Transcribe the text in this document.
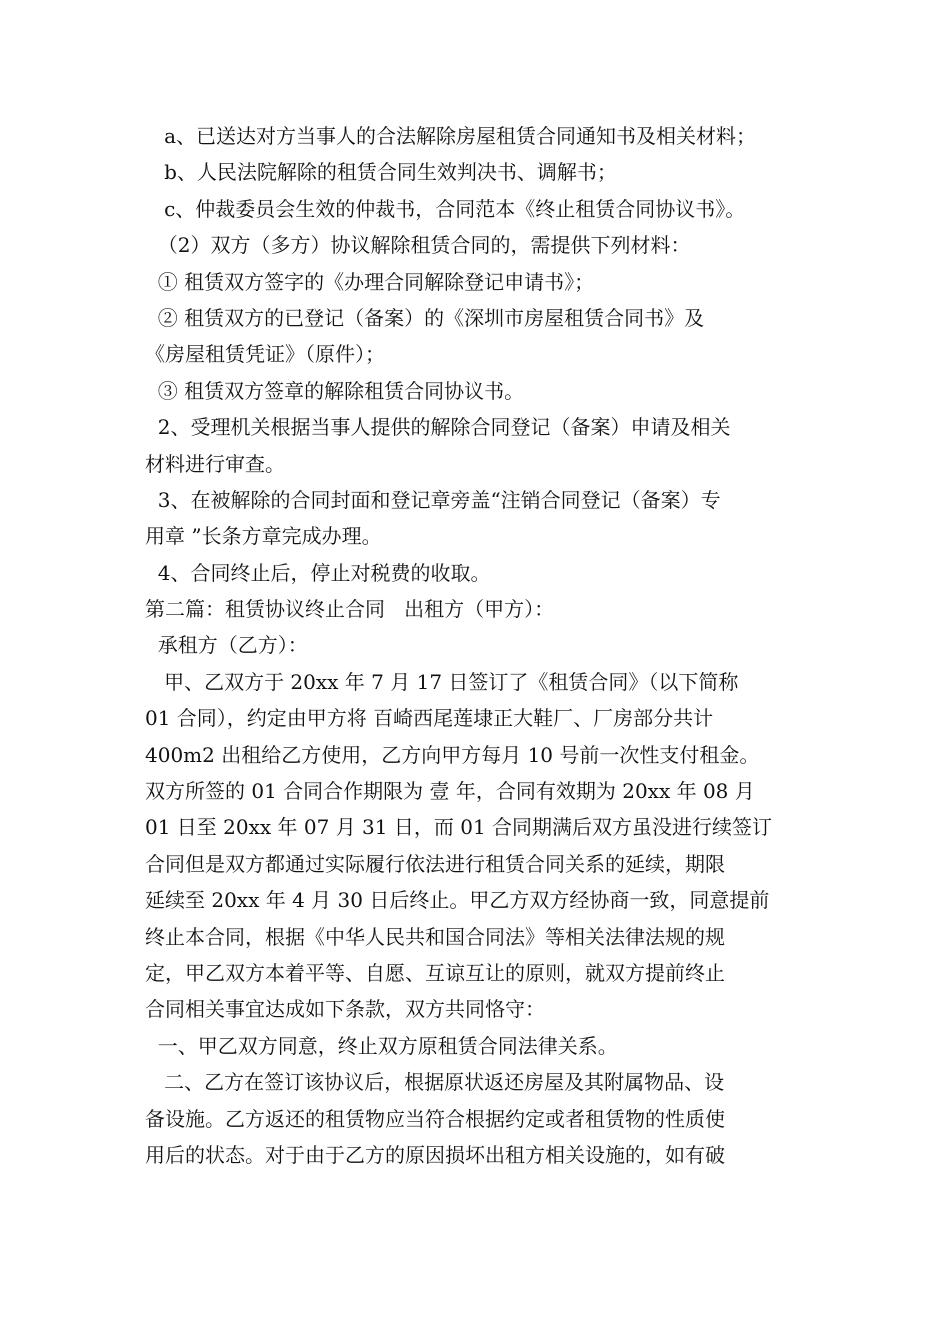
a、已送达对方当事人的合法解除房屋租赁合同通知书及相关材料；
b、人民法院解除的租赁合同生效判决书、调解书；
c、仲裁委员会生效的仲裁书，合同范本《终止租赁合同协议书》。
（2）双方（多方）协议解除租赁合同的，需提供下列材料：
① 租赁双方签字的《办理合同解除登记申请书》；
② 租赁双方的已登记（备案）的《深圳市房屋租赁合同书》及
《房屋租赁凭证》（原件）；
③ 租赁双方签章的解除租赁合同协议书。
2、受理机关根据当事人提供的解除合同登记（备案）申请及相关
材料进行审查。
3、在被解除的合同封面和登记章旁盖“注销合同登记（备案）专
用章 ”长条方章完成办理。
4、合同终止后，停止对税费的收取。
第二篇：租赁协议终止合同   出租方（甲方）：
承租方（乙方）：
甲、乙双方于 20xx 年 7 月 17 日签订了《租赁合同》（以下简称
01 合同），约定由甲方将 百崎西尾莲埭正大鞋厂、厂房部分共计
400m2 出租给乙方使用，乙方向甲方每月 10 号前一次性支付租金。
双方所签的 01 合同合作期限为 壹 年，合同有效期为 20xx 年 08 月
01 日至 20xx 年 07 月 31 日，而 01 合同期满后双方虽没进行续签订
合同但是双方都通过实际履行依法进行租赁合同关系的延续，期限
延续至 20xx 年 4 月 30 日后终止。甲乙方双方经协商一致，同意提前
终止本合同，根据《中华人民共和国合同法》等相关法律法规的规
定，甲乙双方本着平等、自愿、互谅互让的原则，就双方提前终止
合同相关事宜达成如下条款，双方共同恪守：
一、甲乙双方同意，终止双方原租赁合同法律关系。
二、乙方在签订该协议后，根据原状返还房屋及其附属物品、设
备设施。乙方返还的租赁物应当符合根据约定或者租赁物的性质使
用后的状态。对于由于乙方的原因损坏出租方相关设施的，如有破
